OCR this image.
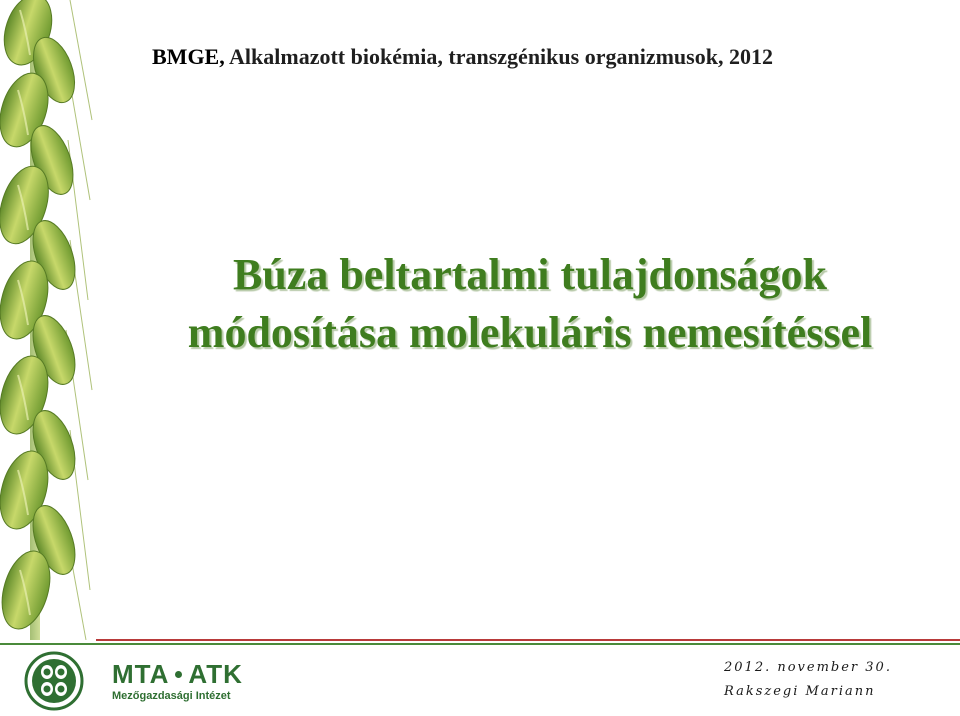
BMGE, Alkalmazott biokémia, transzgénikus organizmusok, 2012
Búza beltartalmi tulajdonságok
módosítása molekuláris nemesítéssel
MTA ATK
Mezőgazdasági Intézet
2012. november 30.
Rakszegi Mariann
